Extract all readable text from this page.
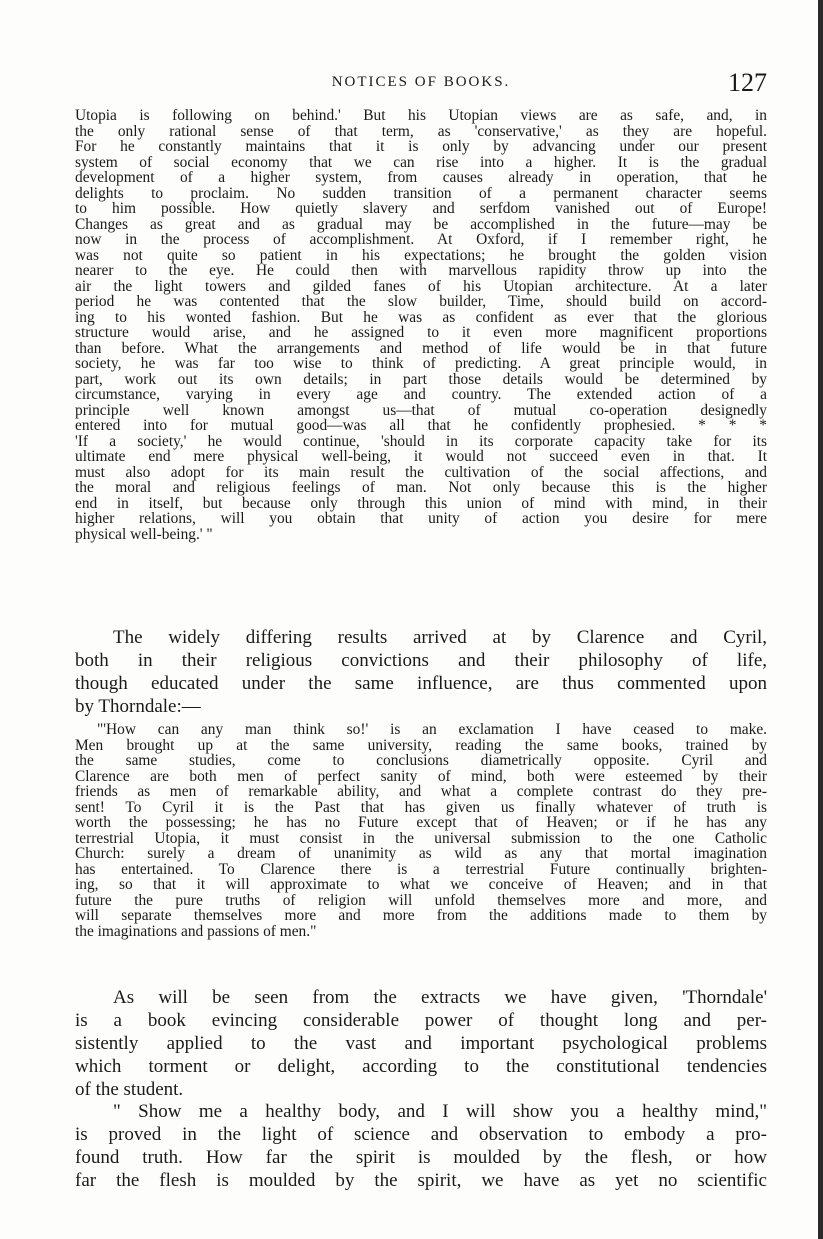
NOTICES OF BOOKS.	127
Utopia is following on behind.' But his Utopian views are as safe, and, in
the only rational sense of that term, as 'conservative,' as they are hopeful.
For he constantly maintains that it is only by advancing under our present
system of social economy that we can rise into a higher. It is the gradual
development of a higher system, from causes already in operation, that he
delights to proclaim. No sudden transition of a permanent character seems
to him possible. How quietly slavery and serfdom vanished out of Europe!
Changes as great and as gradual may be accomplished in the future—may be
now in the process of accomplishment. At Oxford, if I remember right, he
was not quite so patient in his expectations; he brought the golden vision
nearer to the eye. He could then with marvellous rapidity throw up into the
air the light towers and gilded fanes of his Utopian architecture. At a later
period he was contented that the slow builder, Time, should build on accord-
ing to his wonted fashion. But he was as confident as ever that the glorious
structure would arise, and he assigned to it even more magnificent proportions
than before. What the arrangements and method of life would be in that future
society, he was far too wise to think of predicting. A great principle would, in
part, work out its own details; in part those details would be determined by
circumstance, varying in every age and country. The extended action of a
principle well known amongst us—that of mutual co-operation designedly
entered into for mutual good—was all that he confidently prophesied. * * *
'If a society,' he would continue, 'should in its corporate capacity take for its
ultimate end mere physical well-being, it would not succeed even in that. It
must also adopt for its main result the cultivation of the social affections, and
the moral and religious feelings of man. Not only because this is the higher
end in itself, but because only through this union of mind with mind, in their
higher relations, will you obtain that unity of action you desire for mere
physical well-being.' "
The widely differing results arrived at by Clarence and Cyril,
both in their religious convictions and their philosophy of life,
though educated under the same influence, are thus commented upon
by Thorndale:—
"'How can any man think so!' is an exclamation I have ceased to make.
Men brought up at the same university, reading the same books, trained by
the same studies, come to conclusions diametrically opposite. Cyril and
Clarence are both men of perfect sanity of mind, both were esteemed by their
friends as men of remarkable ability, and what a complete contrast do they pre-
sent! To Cyril it is the Past that has given us finally whatever of truth is
worth the possessing; he has no Future except that of Heaven; or if he has any
terrestrial Utopia, it must consist in the universal submission to the one Catholic
Church: surely a dream of unanimity as wild as any that mortal imagination
has entertained. To Clarence there is a terrestrial Future continually brighten-
ing, so that it will approximate to what we conceive of Heaven; and in that
future the pure truths of religion will unfold themselves more and more, and
will separate themselves more and more from the additions made to them by
the imaginations and passions of men."
As will be seen from the extracts we have given, 'Thorndale'
is a book evincing considerable power of thought long and per-
sistently applied to the vast and important psychological problems
which torment or delight, according to the constitutional tendencies
of the student.
" Show me a healthy body, and I will show you a healthy mind,"
is proved in the light of science and observation to embody a pro-
found truth. How far the spirit is moulded by the flesh, or how
far the flesh is moulded by the spirit, we have as yet no scientific
